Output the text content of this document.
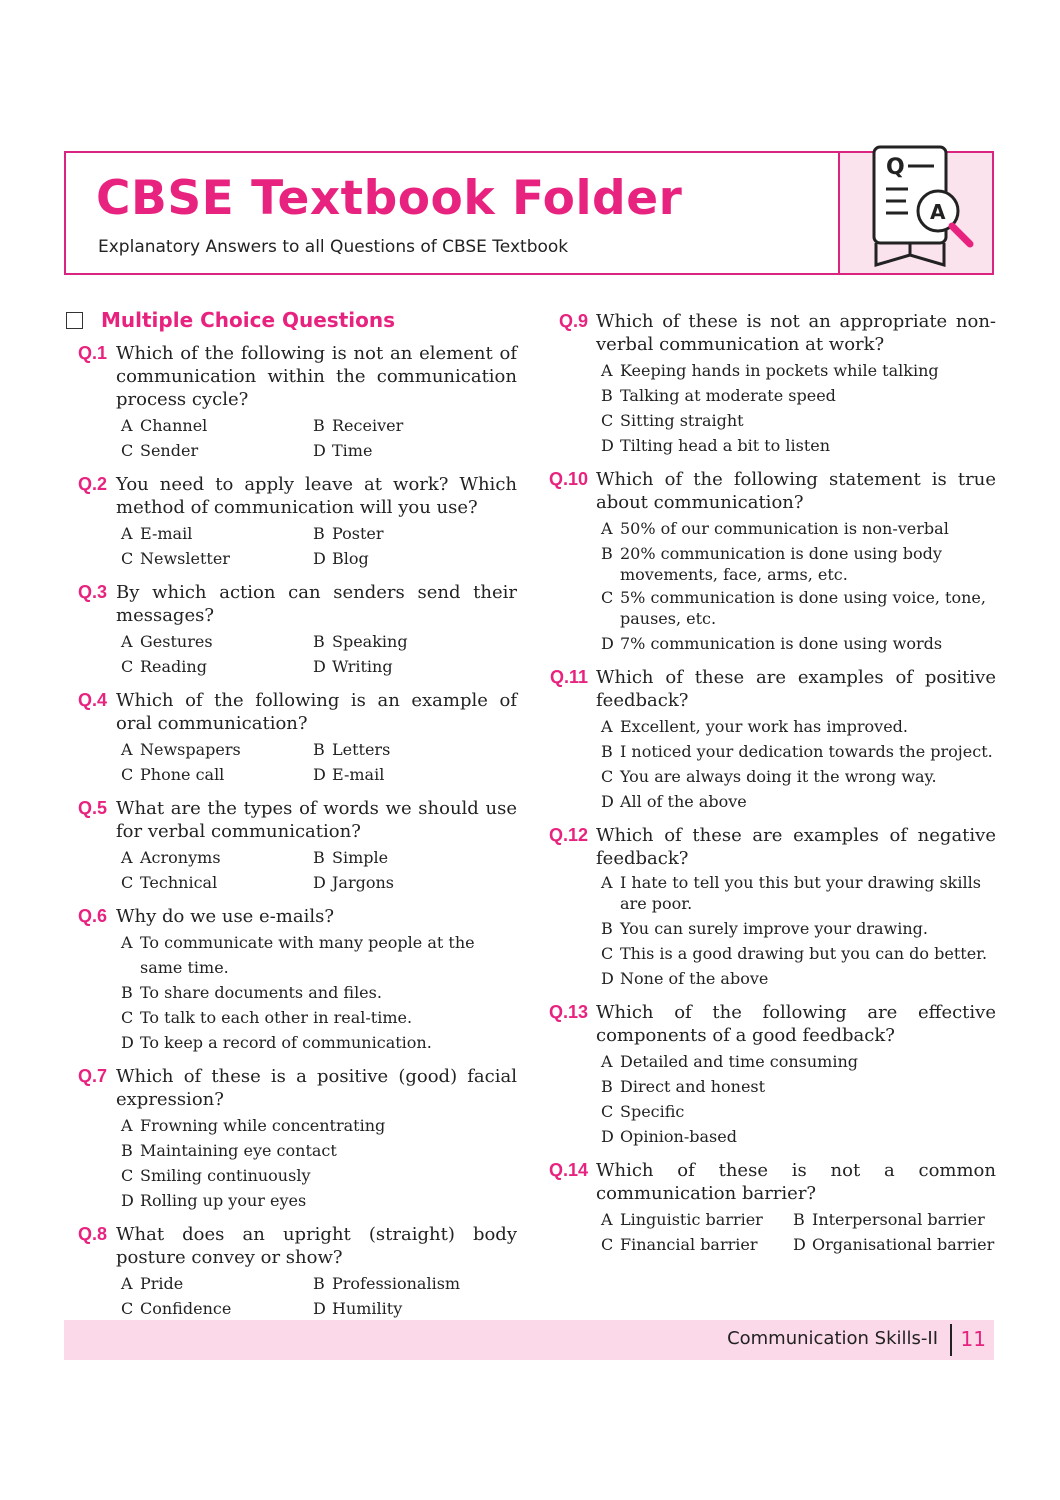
CBSE Textbook Folder
Explanatory Answers to all Questions of CBSE Textbook
Q
A
Multiple Choice Questions
Q.1 Which of the following is not an element of communication within the communication process cycle?
A Channel	B Receiver
C Sender	D Time
Q.2 You need to apply leave at work? Which method of communication will you use?
A E-mail	B Poster
C Newsletter	D Blog
Q.3 By which action can senders send their messages?
A Gestures	B Speaking
C Reading	D Writing
Q.4 Which of the following is an example of oral communication?
A Newspapers	B Letters
C Phone call	D E-mail
Q.5 What are the types of words we should use for verbal communication?
A Acronyms	B Simple
C Technical	D Jargons
Q.6 Why do we use e-mails?
A To communicate with many people at the same time.
B To share documents and files.
C To talk to each other in real-time.
D To keep a record of communication.
Q.7 Which of these is a positive (good) facial expression?
A Frowning while concentrating
B Maintaining eye contact
C Smiling continuously
D Rolling up your eyes
Q.8 What does an upright (straight) body posture convey or show?
A Pride	B Professionalism
C Confidence	D Humility
Q.9 Which of these is not an appropriate non-verbal communication at work?
A Keeping hands in pockets while talking
B Talking at moderate speed
C Sitting straight
D Tilting head a bit to listen
Q.10 Which of the following statement is true about communication?
A 50% of our communication is non-verbal
B 20% communication is done using body movements, face, arms, etc.
C 5% communication is done using voice, tone, pauses, etc.
D 7% communication is done using words
Q.11 Which of these are examples of positive feedback?
A Excellent, your work has improved.
B I noticed your dedication towards the project.
C You are always doing it the wrong way.
D All of the above
Q.12 Which of these are examples of negative feedback?
A I hate to tell you this but your drawing skills are poor.
B You can surely improve your drawing.
C This is a good drawing but you can do better.
D None of the above
Q.13 Which of the following are effective components of a good feedback?
A Detailed and time consuming
B Direct and honest
C Specific
D Opinion-based
Q.14 Which of these is not a common communication barrier?
A Linguistic barrier	B Interpersonal barrier
C Financial barrier	D Organisational barrier
Communication Skills-II 11
